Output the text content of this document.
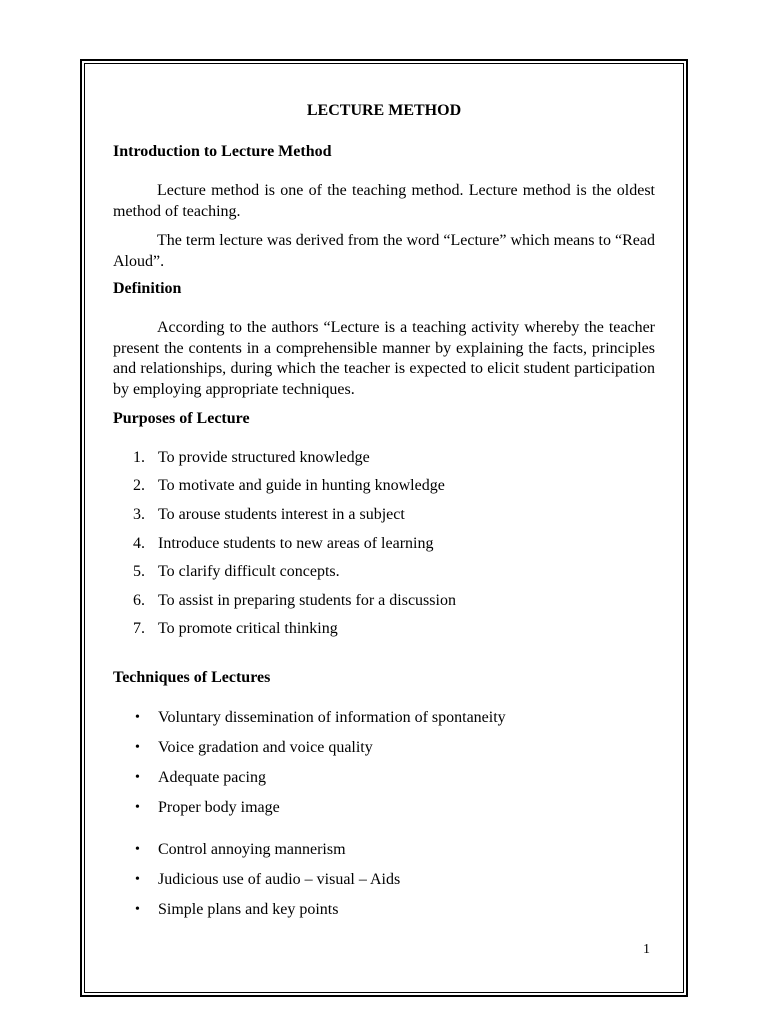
LECTURE METHOD
Introduction to Lecture Method
Lecture method is one of the teaching method. Lecture method is the oldest method of teaching.
The term lecture was derived from the word “Lecture” which means to “Read Aloud”.
Definition
According to the authors “Lecture is a teaching activity whereby the teacher present the contents in a comprehensible manner by explaining the facts, principles and relationships, during which the teacher is expected to elicit student participation by employing appropriate techniques.
Purposes of Lecture
1. To provide structured knowledge
2. To motivate and guide in hunting knowledge
3. To arouse students interest in a subject
4. Introduce students to new areas of learning
5. To clarify difficult concepts.
6. To assist in preparing students for a discussion
7. To promote critical thinking
Techniques of Lectures
• Voluntary dissemination of information of spontaneity
• Voice gradation and voice quality
• Adequate pacing
• Proper body image
• Control annoying mannerism
• Judicious use of audio – visual – Aids
• Simple plans and key points
1
